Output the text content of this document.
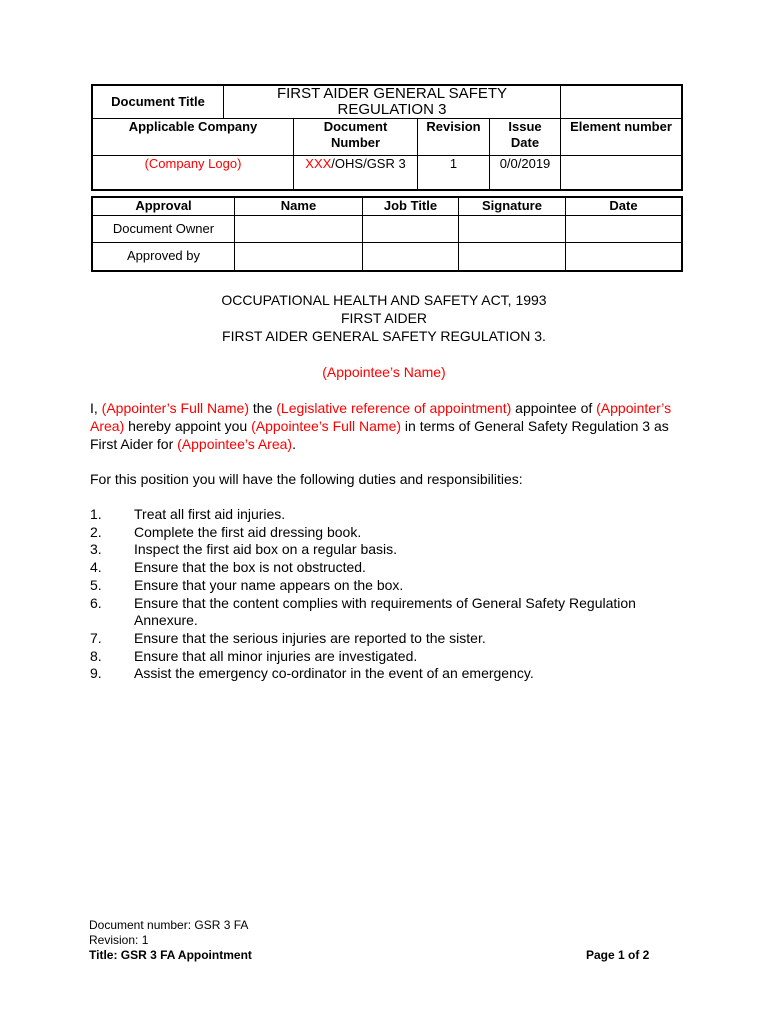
Document Title	FIRST AIDER GENERAL SAFETY REGULATION 3				
Applicable Company		Document Number	Revision	Issue Date	Element number
(Company Logo)		XXX/OHS/GSR 3	1	0/0/2019	
Approval	Name	Job Title	Signature	Date
Document Owner				
Approved by				
OCCUPATIONAL HEALTH AND SAFETY ACT, 1993
FIRST AIDER
FIRST AIDER GENERAL SAFETY REGULATION 3.
(Appointee’s Name)
I, (Appointer’s Full Name) the (Legislative reference of appointment) appointee of (Appointer’s Area) hereby appoint you (Appointee’s Full Name) in terms of General Safety Regulation 3 as First Aider for (Appointee’s Area).
For this position you will have the following duties and responsibilities:
1.	Treat all first aid injuries.
2.	Complete the first aid dressing book.
3.	Inspect the first aid box on a regular basis.
4.	Ensure that the box is not obstructed.
5.	Ensure that your name appears on the box.
6.	Ensure that the content complies with requirements of General Safety Regulation Annexure.
7.	Ensure that the serious injuries are reported to the sister.
8.	Ensure that all minor injuries are investigated.
9.	Assist the emergency co-ordinator in the event of an emergency.
Document number: GSR 3 FA
Revision: 1
Title: GSR 3 FA Appointment	Page 1 of 2
